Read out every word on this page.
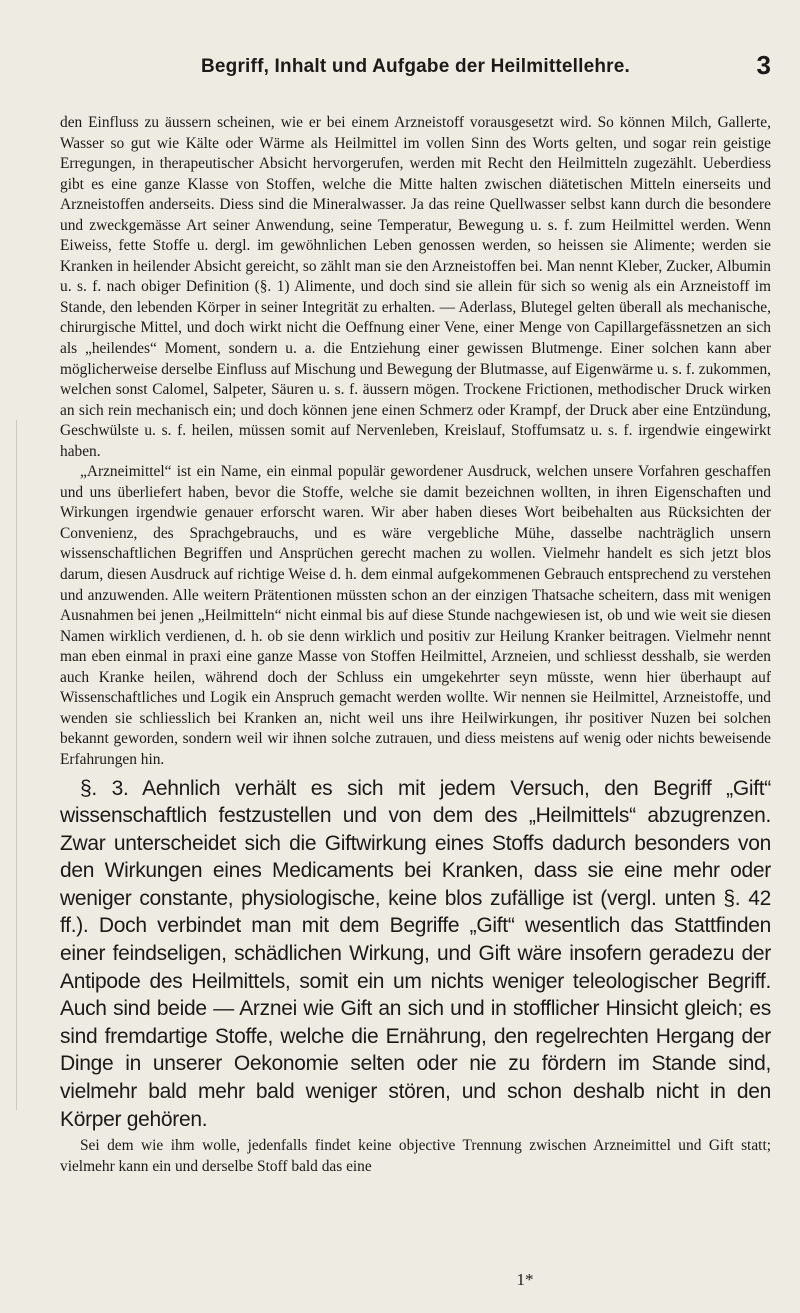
Begriff, Inhalt und Aufgabe der Heilmittellehre.	3

den Einfluss zu äussern scheinen, wie er bei einem Arzneistoff vorausgesetzt wird. So können Milch, Gallerte, Wasser so gut wie Kälte oder Wärme als Heilmittel im vollen Sinn des Worts gelten, und sogar rein geistige Erregungen, in therapeutischer Absicht hervorgerufen, werden mit Recht den Heilmitteln zugezählt. Ueberdiess gibt es eine ganze Klasse von Stoffen, welche die Mitte halten zwischen diätetischen Mitteln einerseits und Arzneistoffen anderseits. Diess sind die Mineralwasser. Ja das reine Quellwasser selbst kann durch die besondere und zweckgemässe Art seiner Anwendung, seine Temperatur, Bewegung u. s. f. zum Heilmittel werden. Wenn Eiweiss, fette Stoffe u. dergl. im gewöhnlichen Leben genossen werden, so heissen sie Alimente; werden sie Kranken in heilender Absicht gereicht, so zählt man sie den Arzneistoffen bei. Man nennt Kleber, Zucker, Albumin u. s. f. nach obiger Definition (§. 1) Alimente, und doch sind sie allein für sich so wenig als ein Arzneistoff im Stande, den lebenden Körper in seiner Integrität zu erhalten. — Aderlass, Blutegel gelten überall als mechanische, chirurgische Mittel, und doch wirkt nicht die Oeffnung einer Vene, einer Menge von Capillargefässnetzen an sich als „heilendes“ Moment, sondern u. a. die Entziehung einer gewissen Blutmenge. Einer solchen kann aber möglicherweise derselbe Einfluss auf Mischung und Bewegung der Blutmasse, auf Eigenwärme u. s. f. zukommen, welchen sonst Calomel, Salpeter, Säuren u. s. f. äussern mögen. Trockene Frictionen, methodischer Druck wirken an sich rein mechanisch ein; und doch können jene einen Schmerz oder Krampf, der Druck aber eine Entzündung, Geschwülste u. s. f. heilen, müssen somit auf Nervenleben, Kreislauf, Stoffumsatz u. s. f. irgendwie eingewirkt haben.

„Arzneimittel“ ist ein Name, ein einmal populär gewordener Ausdruck, welchen unsere Vorfahren geschaffen und uns überliefert haben, bevor die Stoffe, welche sie damit bezeichnen wollten, in ihren Eigenschaften und Wirkungen irgendwie genauer erforscht waren. Wir aber haben dieses Wort beibehalten aus Rücksichten der Convenienz, des Sprachgebrauchs, und es wäre vergebliche Mühe, dasselbe nachträglich unsern wissenschaftlichen Begriffen und Ansprüchen gerecht machen zu wollen. Vielmehr handelt es sich jetzt blos darum, diesen Ausdruck auf richtige Weise d. h. dem einmal aufgekommenen Gebrauch entsprechend zu verstehen und anzuwenden. Alle weitern Prätentionen müssten schon an der einzigen Thatsache scheitern, dass mit wenigen Ausnahmen bei jenen „Heilmitteln“ nicht einmal bis auf diese Stunde nachgewiesen ist, ob und wie weit sie diesen Namen wirklich verdienen, d. h. ob sie denn wirklich und positiv zur Heilung Kranker beitragen. Vielmehr nennt man eben einmal in praxi eine ganze Masse von Stoffen Heilmittel, Arzneien, und schliesst desshalb, sie werden auch Kranke heilen, während doch der Schluss ein umgekehrter seyn müsste, wenn hier überhaupt auf Wissenschaftliches und Logik ein Anspruch gemacht werden wollte. Wir nennen sie Heilmittel, Arzneistoffe, und wenden sie schliesslich bei Kranken an, nicht weil uns ihre Heilwirkungen, ihr positiver Nuzen bei solchen bekannt geworden, sondern weil wir ihnen solche zutrauen, und diess meistens auf wenig oder nichts beweisende Erfahrungen hin.

§. 3. Aehnlich verhält es sich mit jedem Versuch, den Begriff „Gift“ wissenschaftlich festzustellen und von dem des „Heilmittels“ abzugrenzen. Zwar unterscheidet sich die Giftwirkung eines Stoffs dadurch besonders von den Wirkungen eines Medicaments bei Kranken, dass sie eine mehr oder weniger constante, physiologische, keine blos zufällige ist (vergl. unten §. 42 ff.). Doch verbindet man mit dem Begriffe „Gift“ wesentlich das Stattfinden einer feindseligen, schädlichen Wirkung, und Gift wäre insofern geradezu der Antipode des Heilmittels, somit ein um nichts weniger teleologischer Begriff. Auch sind beide — Arznei wie Gift an sich und in stofflicher Hinsicht gleich; es sind fremdartige Stoffe, welche die Ernährung, den regelrechten Hergang der Dinge in unserer Oekonomie selten oder nie zu fördern im Stande sind, vielmehr bald mehr bald weniger stören, und schon deshalb nicht in den Körper gehören.

Sei dem wie ihm wolle, jedenfalls findet keine objective Trennung zwischen Arzneimittel und Gift statt; vielmehr kann ein und derselbe Stoff bald das eine

1*
